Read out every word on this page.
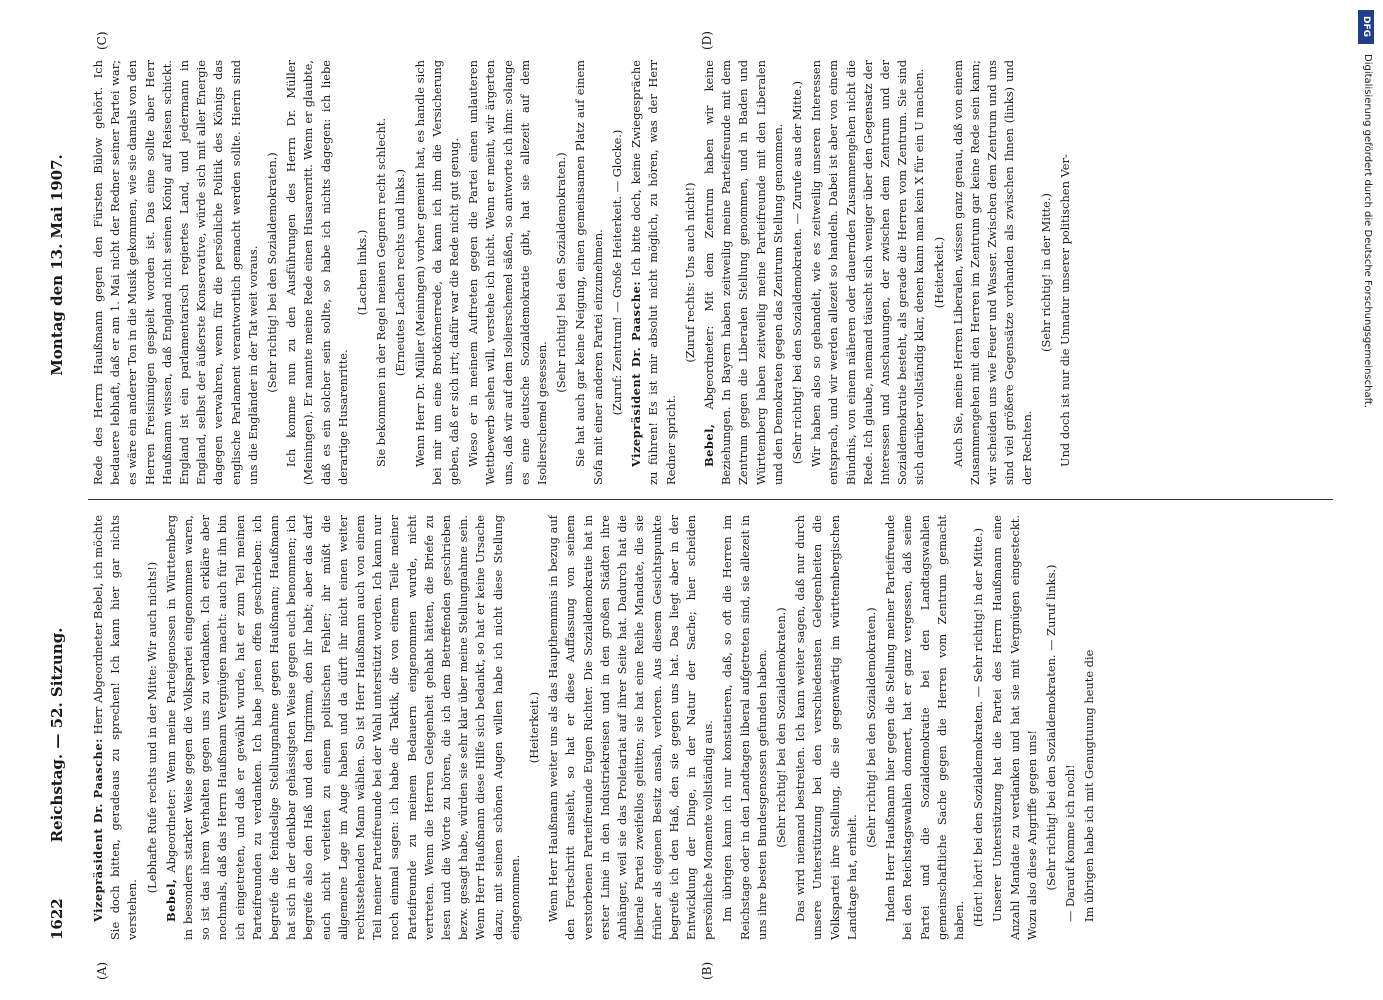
1622
Reichstag. — 52. Sitzung.
Montag den 13. Mai 1907.
(A)	(B)
(C)	(D)

Vizepräsident Dr. Paasche: Herr Abgeordneter Bebel, ich möchte Sie doch bitten, geradeaus zu sprechen! Ich kann hier gar nichts verstehen.

(Lebhafte Rufe rechts und in der Mitte: Wir auch nichts!)

Bebel, Abgeordneter: Wenn meine Parteigenossen in Württemberg in besonders starker Weise gegen die Volkspartei eingenommen waren, so ist das ihrem Verhalten gegen uns zu verdanken. Ich erkläre aber nochmals, daß das Herrn Haußmann Vergnügen macht: auch für ihn bin ich eingetreten, und daß er gewählt wurde, hat er zum Teil meinen Parteifreunden zu verdanken. Ich habe jenen offen geschrieben: ich begreife die feindselige Stellungnahme gegen Haußmann; Haußmann hat sich in der denkbar gehässigsten Weise gegen euch benommen; ich begreife also den Haß und den Ingrimm, den ihr habt; aber das darf euch nicht verleiten zu einem politischen Fehler; ihr müßt die allgemeine Lage im Auge haben und da dürft ihr nicht einen weiter rechtsstehenden Mann wählen. So ist Herr Haußmann auch von einem Teil meiner Parteifreunde bei der Wahl unterstützt worden. Ich kann nur noch einmal sagen: ich habe die Taktik, die von einem Teile meiner Parteifreunde zu meinem Bedauern eingenommen wurde, nicht vertreten. Wenn die Herren Gelegenheit gehabt hätten, die Briefe zu lesen und die Worte zu hören, die ich dem Betreffenden geschrieben bezw. gesagt habe, würden sie sehr klar über meine Stellungnahme sein. Wenn Herr Haußmann diese Hilfe sich bedankt, so hat er keine Ursache dazu; mit seinen schönen Augen willen habe ich nicht diese Stellung eingenommen.

(Heiterkeit.) Wenn Herr Haußmann weiter uns als das Haupthemmnis in bezug auf den Fortschritt ansieht, so hat er diese Auffassung von seinem verstorbenen Parteifreunde Eugen Richter. Die Sozialdemokratie hat in erster Linie in den Industriekreisen und in den großen Städten ihre Anhänger, weil sie das Proletariat auf ihrer Seite hat. Dadurch hat die liberale Partei zweifellos gelitten; sie hat eine Reihe Mandate, die sie früher als eigenen Besitz ansah, verloren. Aus diesem Gesichtspunkte begreife ich den Haß, den sie gegen uns hat. Das liegt aber in der Entwicklung der Dinge, in der Natur der Sache; hier scheiden persönliche Momente vollständig aus. Im übrigen kann ich nur konstatieren, daß, so oft die Herren im Reichstage oder in den Landtagen liberal aufgetreten sind, sie allezeit in uns ihre besten Bundesgenossen gefunden haben. (Sehr richtig! bei den Sozialdemokraten.) Das wird niemand bestreiten. Ich kann weiter sagen, daß nur durch unsere Unterstützung bei den verschiedensten Gelegenheiten die Volkspartei ihre Stellung, die sie gegenwärtig im württembergischen Landtage hat, erhielt.

(Sehr richtig! bei den Sozialdemokraten.) Indem Herr Haußmann hier gegen die Stellung meiner Parteifreunde bei den Reichstagswahlen donnert, hat er ganz vergessen, daß seine Partei und die Sozialdemokratie bei den Landtagswahlen gemeinschaftliche Sache gegen die Herren vom Zentrum gemacht haben. (Hört! hört! bei den Sozialdemokraten. — Sehr richtig! in der Mitte.) Unserer Unterstützung hat die Partei des Herrn Haußmann eine Anzahl Mandate zu verdanken und hat sie mit Vergnügen eingesteckt. Wozu also diese Angriffe gegen uns! (Sehr richtig! bei den Sozialdemokraten. — Zuruf links.) — Darauf komme ich noch! Im übrigen habe ich mit Genugtuung heute die

Rede des Herrn Haußmann gegen den Fürsten Bülow gehört. Ich bedauere lebhaft, daß er am 1. Mai nicht der Redner seiner Partei war; es wäre ein anderer Ton in die Musik gekommen, wie sie damals von den Herren Freisinnigen gespielt worden ist. Das eine sollte aber Herr Haußmann wissen, daß England nicht seinen König auf Reisen schickt. England ist ein parlamentarisch regiertes Land, und jedermann in England, selbst der äußerste Konservative, würde sich mit aller Energie dagegen verwahren, wenn für die persönliche Politik des Königs das englische Parlament verantwortlich gemacht werden sollte. Hierin sind uns die Engländer in der Tat weit voraus. (Sehr richtig! bei den Sozialdemokraten.) Ich komme nun zu den Ausführungen des Herrn Dr. Müller (Meiningen). Er nannte meine Rede einen Husarenritt. Wenn er glaubte, daß es ein solcher sein sollte, so habe ich nichts dagegen: ich liebe derartige Husarenritte.

(Lachen links.) Sie bekommen in der Regel meinen Gegnern recht schlecht. (Erneutes Lachen rechts und links.) Wenn Herr Dr. Müller (Meiningen) vorher gemeint hat, es handle sich bei mir um eine Brotkörnerrede, da kann ich ihm die Versicherung geben, daß er sich irrt; dafür war die Rede nicht gut genug. Wieso er in meinem Auftreten gegen die Partei einen unlauteren Wettbewerb sehen will, verstehe ich nicht. Wenn er meint, wir ärgerten uns, daß wir auf dem Isolierschemel säßen, so antworte ich ihm: solange es eine deutsche Sozialdemokratie gibt, hat sie allezeit auf dem Isolierschemel gesessen.

(Sehr richtig! bei den Sozialdemokraten.) Sie hat auch gar keine Neigung, einen gemeinsamen Platz auf einem Sofa mit einer anderen Partei einzunehmen. (Zuruf: Zentrum! — Große Heiterkeit. — Glocke.) Vizepräsident Dr. Paasche: Ich bitte doch, keine Zwiegespräche zu führen! Es ist mir absolut nicht möglich, zu hören, was der Herr Redner spricht.

(Zuruf rechts: Uns auch nicht!)

Bebel, Abgeordneter: Mit dem Zentrum haben wir keine Beziehungen. In Bayern haben zeitweilig meine Parteifreunde mit dem Zentrum gegen die Liberalen Stellung genommen, und in Baden und Württemberg haben zeitweilig meine Parteifreunde mit den Liberalen und den Demokraten gegen das Zentrum Stellung genommen. (Sehr richtig! bei den Sozialdemokraten. — Zurufe aus der Mitte.) Wir haben also so gehandelt, wie es zeitweilig unseren Interessen entsprach, und wir werden allezeit so handeln. Dabei ist aber von einem Bündnis, von einem näheren oder dauernden Zusammengehen nicht die Rede. Ich glaube, niemand täuscht sich weniger über den Gegensatz der Interessen und Anschauungen, der zwischen dem Zentrum und der Sozialdemokratie besteht, als gerade die Herren vom Zentrum. Sie sind sich darüber vollständig klar, denen kann man kein X für ein U machen. (Heiterkeit.) Auch Sie, meine Herren Liberalen, wissen ganz genau, daß von einem Zusammengehen mit den Herren im Zentrum gar keine Rede sein kann; wir scheiden uns wie Feuer und Wasser. Zwischen dem Zentrum und uns sind viel größere Gegensätze vorhanden als zwischen Ihnen (links) und der Rechten.

(Sehr richtig! in der Mitte.) Und doch ist nur die Unnatur unserer politischen Ver-

DFG
Digitalisierung gefördert durch die Deutsche Forschungsgemeinschaft.
